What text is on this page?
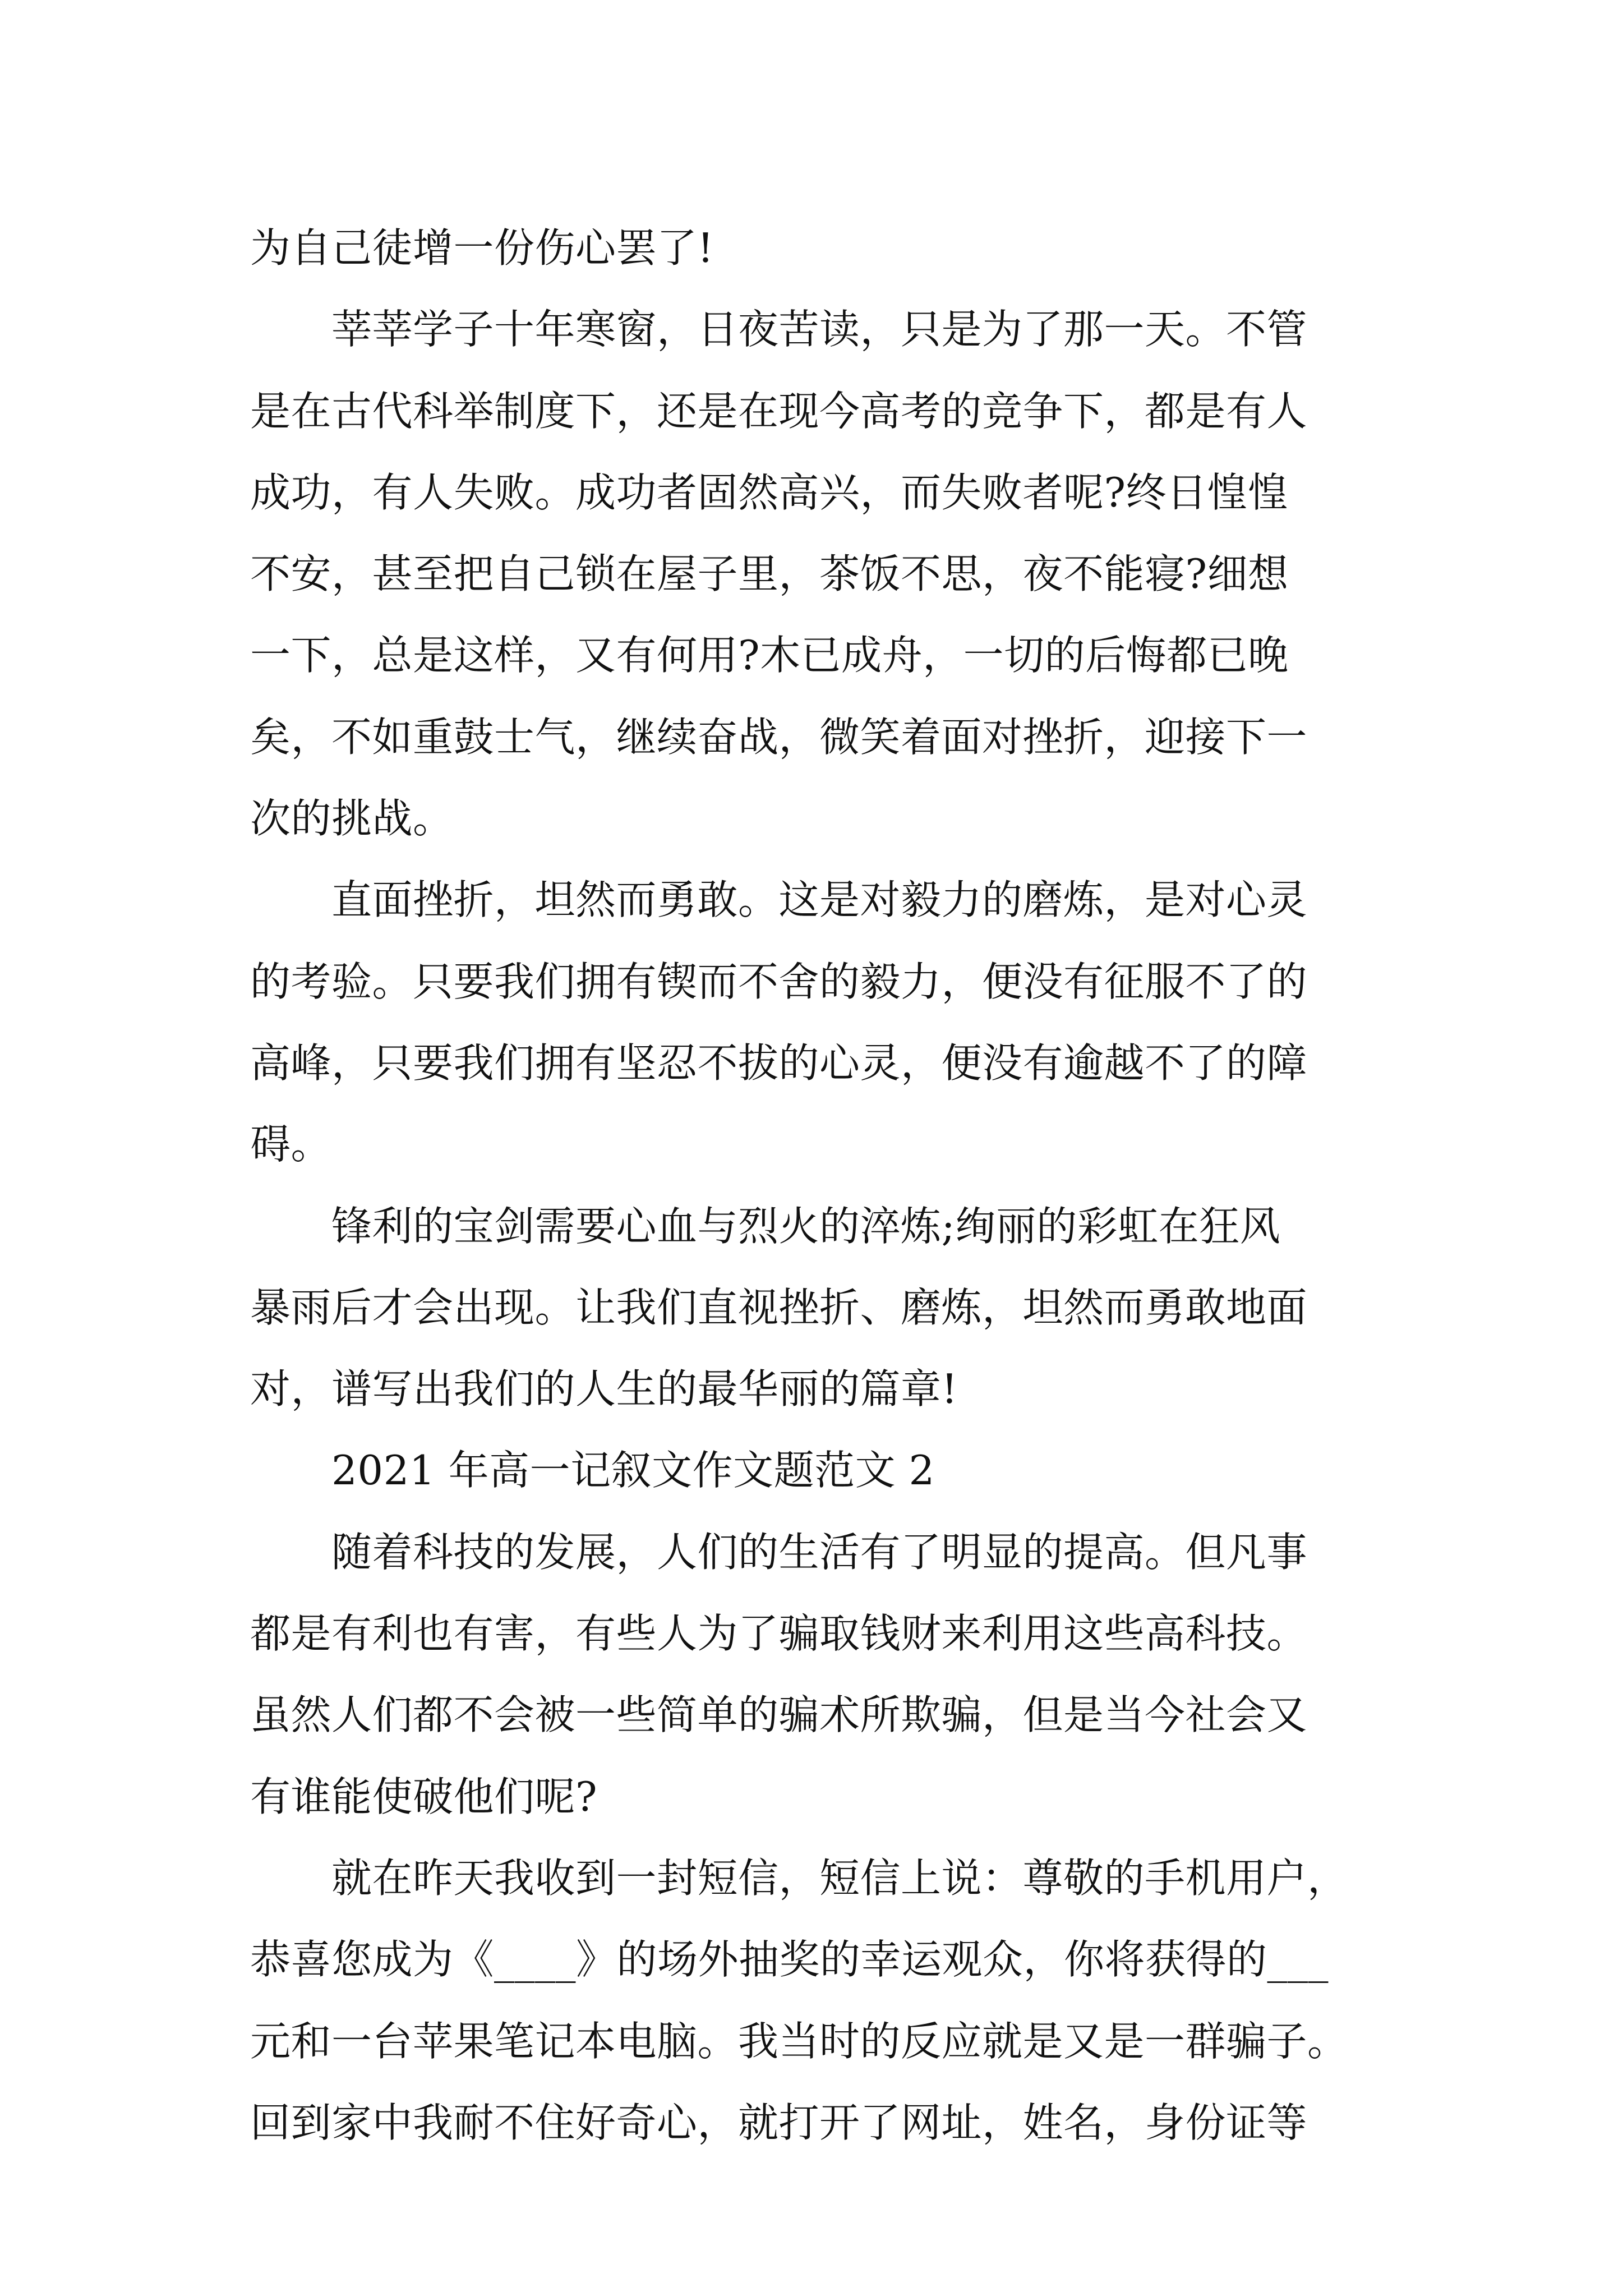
为自己徒增一份伤心罢了!
莘莘学子十年寒窗，日夜苦读，只是为了那一天。不管
是在古代科举制度下，还是在现今高考的竞争下，都是有人
成功，有人失败。成功者固然高兴，而失败者呢?终日惶惶
不安，甚至把自己锁在屋子里，茶饭不思，夜不能寝?细想
一下，总是这样，又有何用?木已成舟，一切的后悔都已晚
矣，不如重鼓士气，继续奋战，微笑着面对挫折，迎接下一
次的挑战。
直面挫折，坦然而勇敢。这是对毅力的磨炼，是对心灵
的考验。只要我们拥有锲而不舍的毅力，便没有征服不了的
高峰，只要我们拥有坚忍不拔的心灵，便没有逾越不了的障
碍。
锋利的宝剑需要心血与烈火的淬炼;绚丽的彩虹在狂风
暴雨后才会出现。让我们直视挫折、磨炼，坦然而勇敢地面
对，谱写出我们的人生的最华丽的篇章!
2021 年高一记叙文作文题范文 2
随着科技的发展，人们的生活有了明显的提高。但凡事
都是有利也有害，有些人为了骗取钱财来利用这些高科技。
虽然人们都不会被一些简单的骗术所欺骗，但是当今社会又
有谁能使破他们呢?
就在昨天我收到一封短信，短信上说：尊敬的手机用户，
恭喜您成为《____》的场外抽奖的幸运观众，你将获得的___
元和一台苹果笔记本电脑。我当时的反应就是又是一群骗子。
回到家中我耐不住好奇心，就打开了网址，姓名，身份证等
